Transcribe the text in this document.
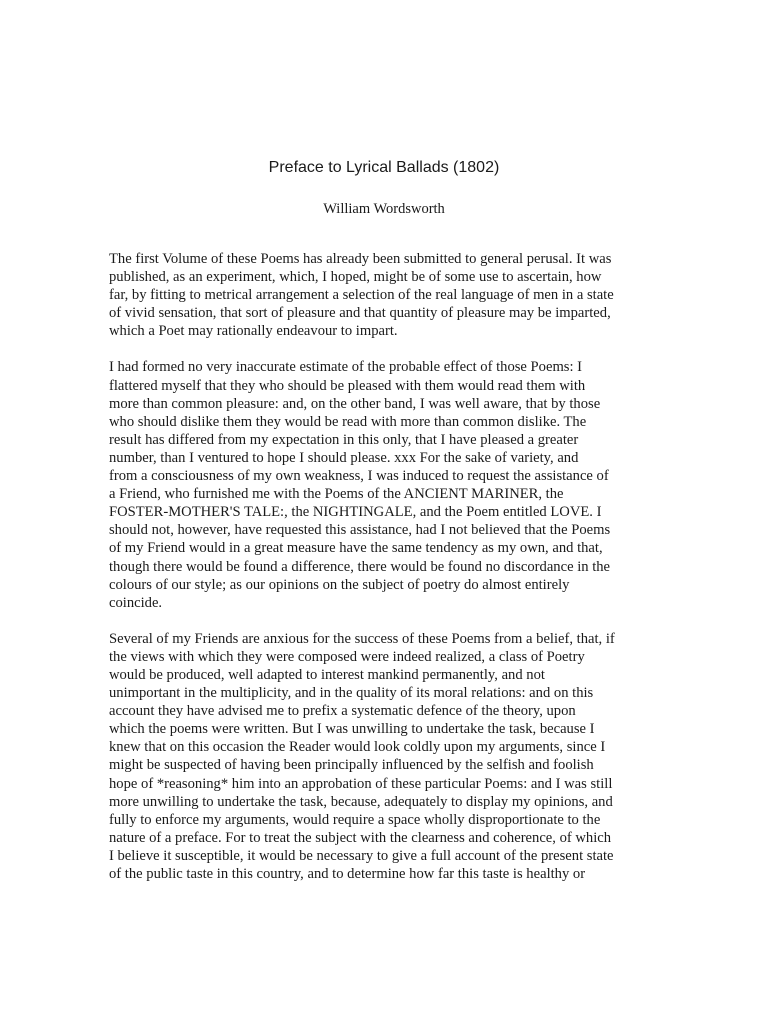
Preface to Lyrical Ballads (1802)

William Wordsworth

The first Volume of these Poems has already been submitted to general perusal. It was
published, as an experiment, which, I hoped, might be of some use to ascertain, how
far, by fitting to metrical arrangement a selection of the real language of men in a state
of vivid sensation, that sort of pleasure and that quantity of pleasure may be imparted,
which a Poet may rationally endeavour to impart.

I had formed no very inaccurate estimate of the probable effect of those Poems: I
flattered myself that they who should be pleased with them would read them with
more than common pleasure: and, on the other band, I was well aware, that by those
who should dislike them they would be read with more than common dislike. The
result has differed from my expectation in this only, that I have pleased a greater
number, than I ventured to hope I should please. xxx For the sake of variety, and
from a consciousness of my own weakness, I was induced to request the assistance of
a Friend, who furnished me with the Poems of the ANCIENT MARINER, the
FOSTER-MOTHER'S TALE:, the NIGHTINGALE, and the Poem entitled LOVE. I
should not, however, have requested this assistance, had I not believed that the Poems
of my Friend would in a great measure have the same tendency as my own, and that,
though there would be found a difference, there would be found no discordance in the
colours of our style; as our opinions on the subject of poetry do almost entirely
coincide.

Several of my Friends are anxious for the success of these Poems from a belief, that, if
the views with which they were composed were indeed realized, a class of Poetry
would be produced, well adapted to interest mankind permanently, and not
unimportant in the multiplicity, and in the quality of its moral relations: and on this
account they have advised me to prefix a systematic defence of the theory, upon
which the poems were written. But I was unwilling to undertake the task, because I
knew that on this occasion the Reader would look coldly upon my arguments, since I
might be suspected of having been principally influenced by the selfish and foolish
hope of *reasoning* him into an approbation of these particular Poems: and I was still
more unwilling to undertake the task, because, adequately to display my opinions, and
fully to enforce my arguments, would require a space wholly disproportionate to the
nature of a preface. For to treat the subject with the clearness and coherence, of which
I believe it susceptible, it would be necessary to give a full account of the present state
of the public taste in this country, and to determine how far this taste is healthy or
